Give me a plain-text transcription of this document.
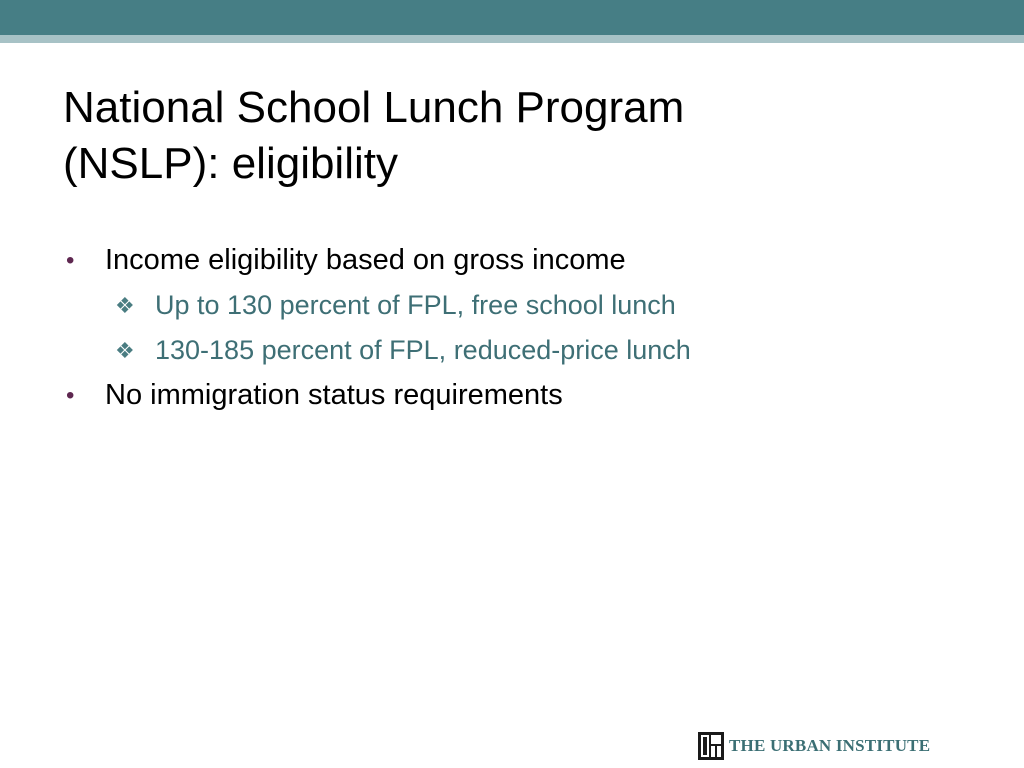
National School Lunch Program
(NSLP): eligibility
• Income eligibility based on gross income
❖ Up to 130 percent of FPL, free school lunch
❖ 130-185 percent of FPL, reduced-price lunch
• No immigration status requirements
THE URBAN INSTITUTE
